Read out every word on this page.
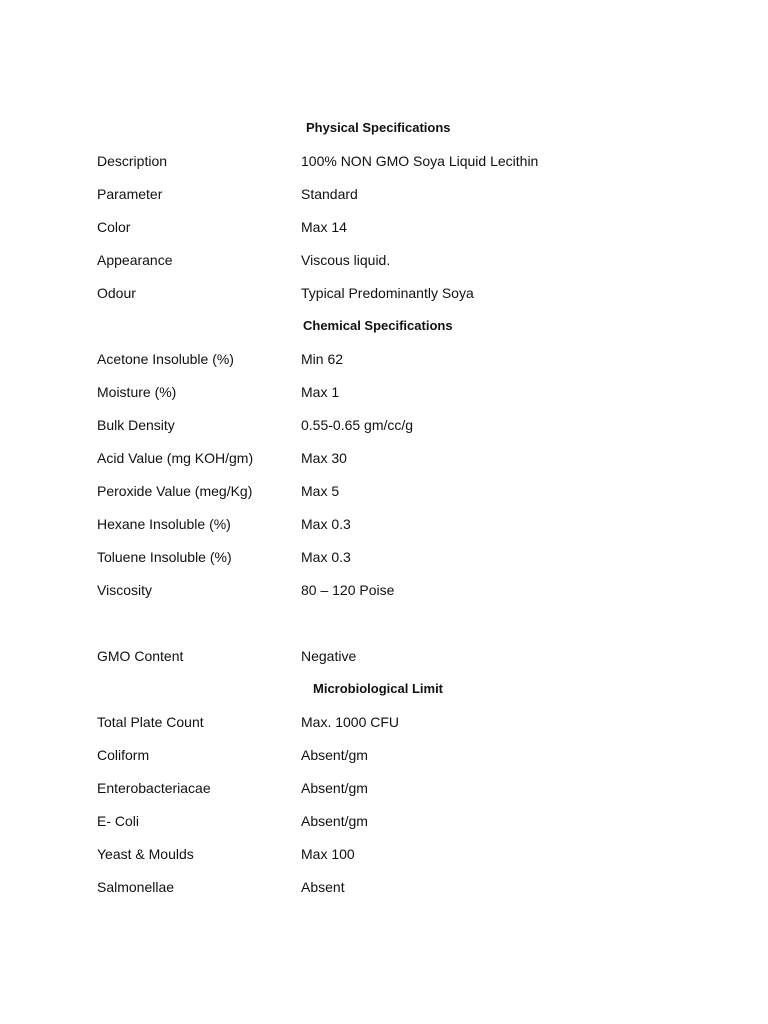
Physical Specifications
Description	100% NON GMO Soya Liquid Lecithin
Parameter	Standard
Color	Max 14
Appearance	Viscous liquid.
Odour	Typical Predominantly Soya
Chemical Specifications
Acetone Insoluble (%)	Min 62
Moisture (%)	Max 1
Bulk Density	0.55-0.65 gm/cc/g
Acid Value (mg KOH/gm)	Max 30
Peroxide Value (meg/Kg)	Max 5
Hexane Insoluble (%)	Max 0.3
Toluene Insoluble (%)	Max 0.3
Viscosity	80 – 120 Poise
GMO Content	Negative
Microbiological Limit
Total Plate Count	Max. 1000 CFU
Coliform	Absent/gm
Enterobacteriacae	Absent/gm
E- Coli	Absent/gm
Yeast & Moulds	Max 100
Salmonellae	Absent
